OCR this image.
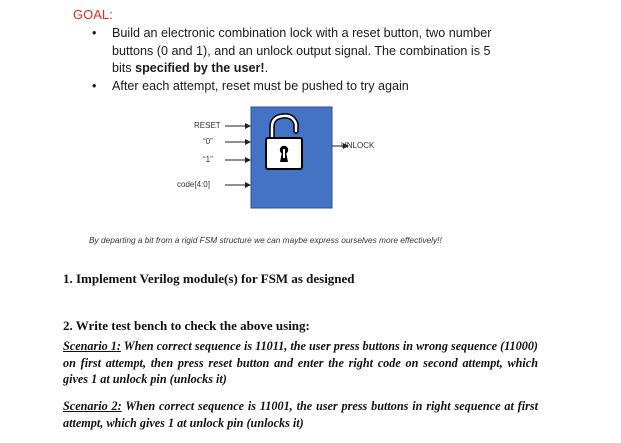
GOAL:
• Build an electronic combination lock with a reset button, two number buttons (0 and 1), and an unlock output signal. The combination is 5 bits specified by the user!.
• After each attempt, reset must be pushed to try again
RESET
“0”
“1”
code[4:0]
UNLOCK
By departing a bit from a rigid FSM structure we can maybe express ourselves more effectively!!
1. Implement Verilog module(s) for FSM as designed
2. Write test bench to check the above using:
Scenario 1: When correct sequence is 11011, the user press buttons in wrong sequence (11000) on first attempt, then press reset button and enter the right code on second attempt, which gives 1 at unlock pin (unlocks it)
Scenario 2: When correct sequence is 11001, the user press buttons in right sequence at first attempt, which gives 1 at unlock pin (unlocks it)
